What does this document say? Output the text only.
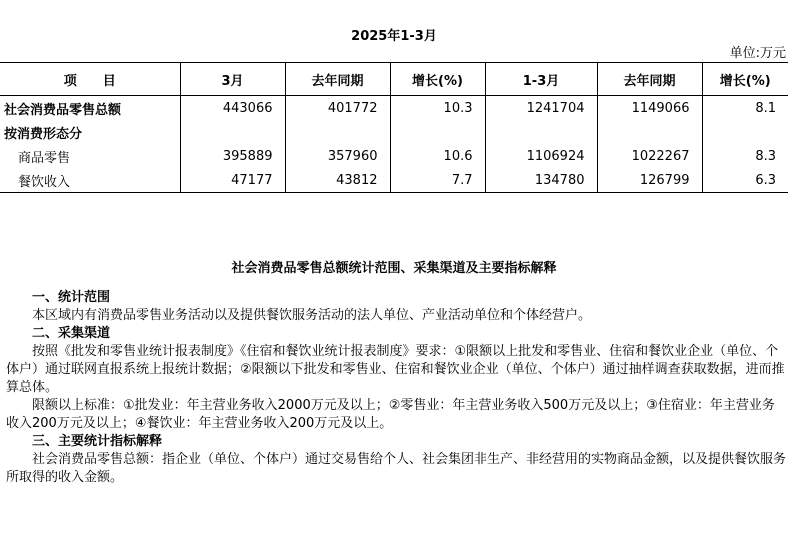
2025年1-3月
单位:万元
项　　目	3月	去年同期	增长(%)	1-3月	去年同期	增长(%)
社会消费品零售总额	443066	401772	10.3	1241704	1149066	8.1
按消费形态分						
商品零售	395889	357960	10.6	1106924	1022267	8.3
餐饮收入	47177	43812	7.7	134780	126799	6.3
社会消费品零售总额统计范围、采集渠道及主要指标解释
一、统计范围
本区域内有消费品零售业务活动以及提供餐饮服务活动的法人单位、产业活动单位和个体经营户。
二、采集渠道
按照《批发和零售业统计报表制度》《住宿和餐饮业统计报表制度》要求：①限额以上批发和零售业、住宿和餐饮业企业（单位、个体户）通过联网直报系统上报统计数据；②限额以下批发和零售业、住宿和餐饮业企业（单位、个体户）通过抽样调查获取数据，进而推算总体。
限额以上标准：①批发业：年主营业务收入2000万元及以上；②零售业：年主营业务收入500万元及以上；③住宿业：年主营业务收入200万元及以上；④餐饮业：年主营业务收入200万元及以上。
三、主要统计指标解释
社会消费品零售总额：指企业（单位、个体户）通过交易售给个人、社会集团非生产、非经营用的实物商品金额，以及提供餐饮服务所取得的收入金额。
